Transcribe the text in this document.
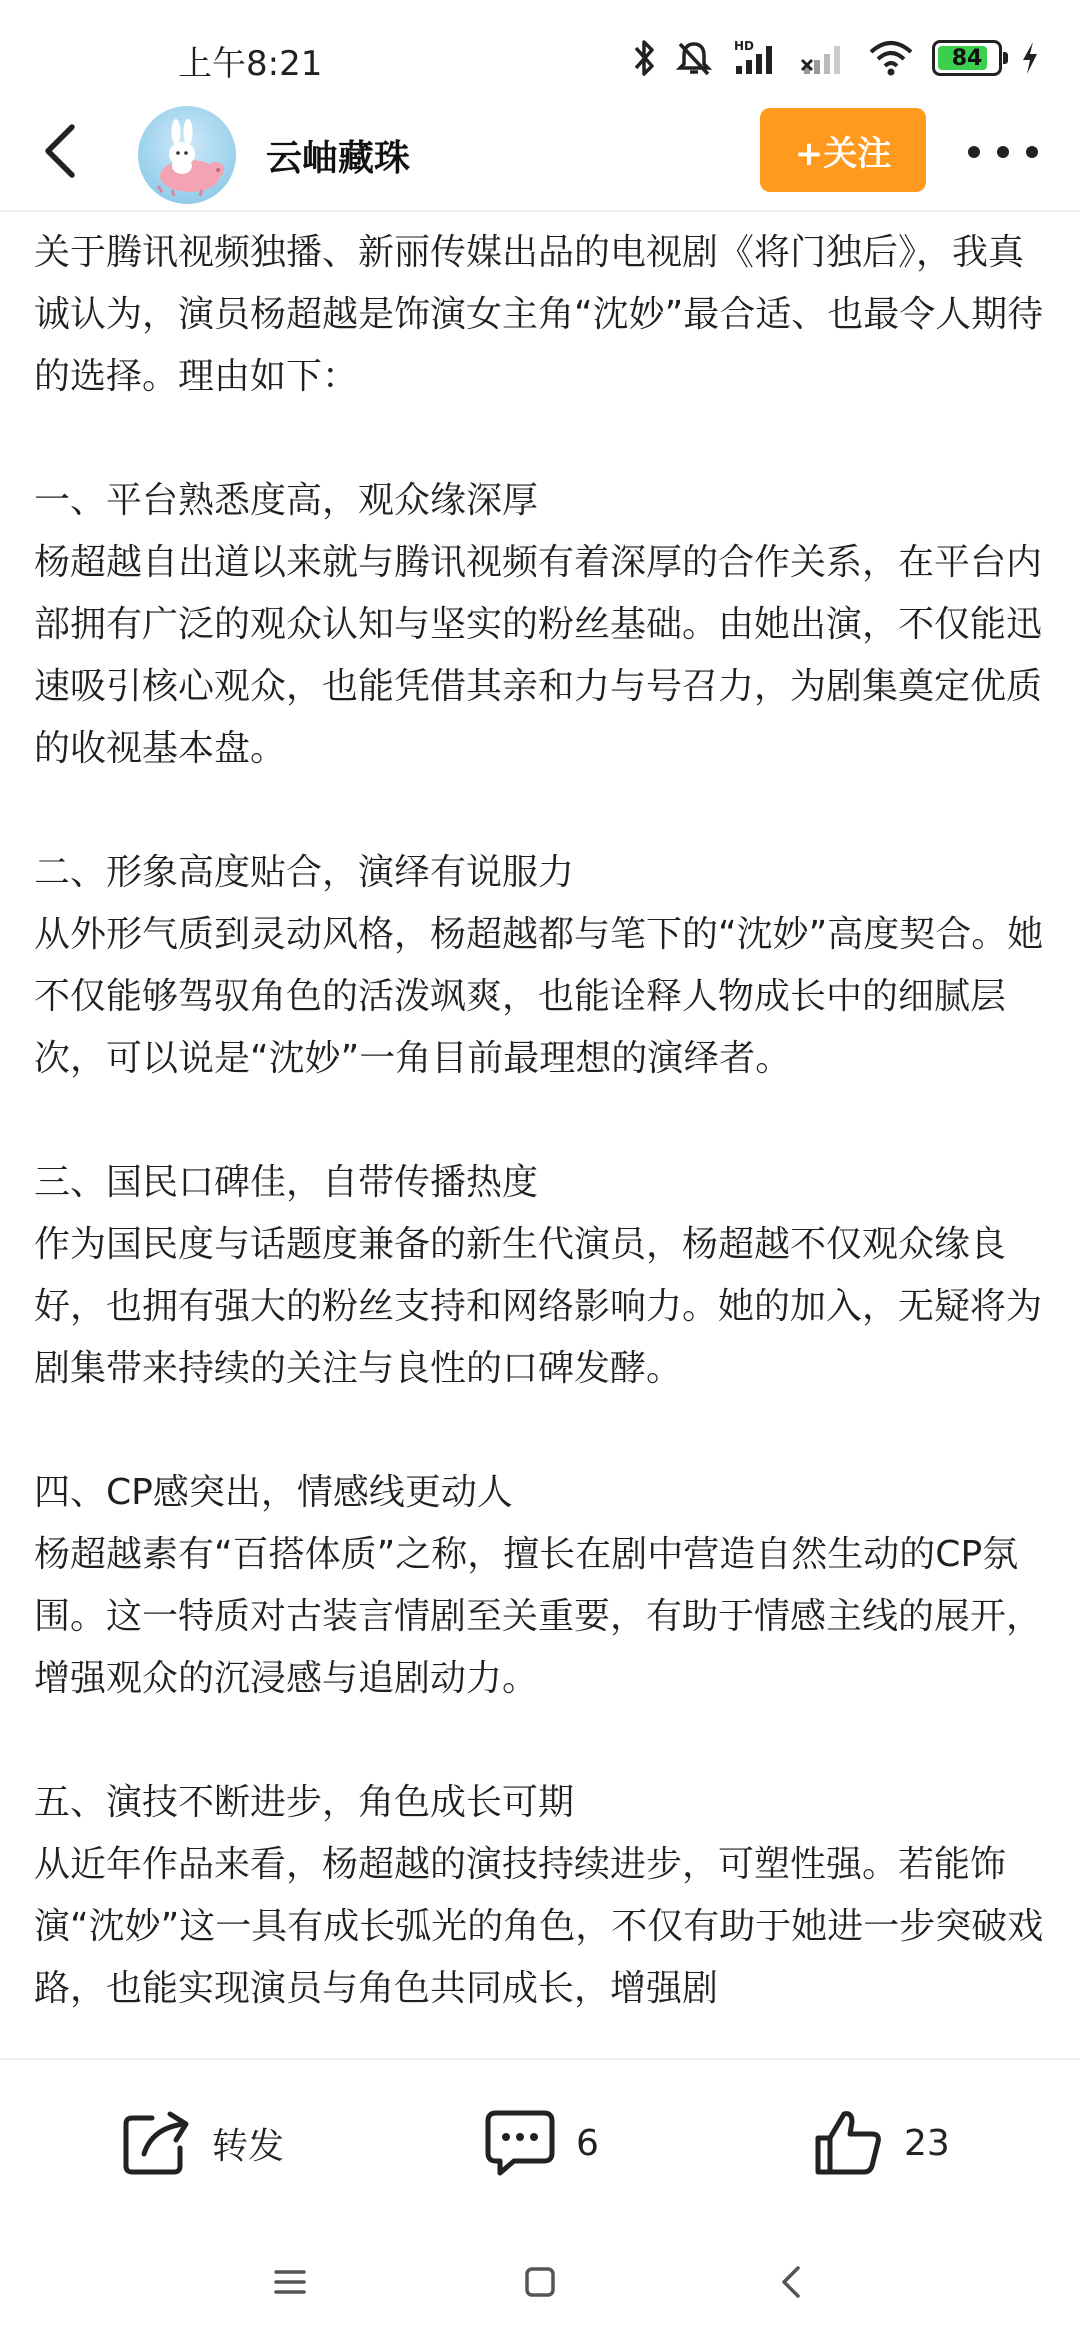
上午8:21	HD	84
云岫藏珠	+关注

关于腾讯视频独播、新丽传媒出品的电视剧《将门独后》，我真诚认为，演员杨超越是饰演女主角“沈妙”最合适、也最令人期待的选择。理由如下：

一、平台熟悉度高，观众缘深厚

杨超越自出道以来就与腾讯视频有着深厚的合作关系，在平台内部拥有广泛的观众认知与坚实的粉丝基础。由她出演，不仅能迅速吸引核心观众，也能凭借其亲和力与号召力，为剧集奠定优质的收视基本盘。

二、形象高度贴合，演绎有说服力

从外形气质到灵动风格，杨超越都与笔下的“沈妙”高度契合。她不仅能够驾驭角色的活泼飒爽，也能诠释人物成长中的细腻层次，可以说是“沈妙”一角目前最理想的演绎者。

三、国民口碑佳，自带传播热度

作为国民度与话题度兼备的新生代演员，杨超越不仅观众缘良好，也拥有强大的粉丝支持和网络影响力。她的加入，无疑将为剧集带来持续的关注与良性的口碑发酵。

四、CP感突出，情感线更动人

杨超越素有“百搭体质”之称，擅长在剧中营造自然生动的CP氛围。这一特质对古装言情剧至关重要，有助于情感主线的展开，增强观众的沉浸感与追剧动力。

五、演技不断进步，角色成长可期

从近年作品来看，杨超越的演技持续进步，可塑性强。若能饰演“沈妙”这一具有成长弧光的角色，不仅有助于她进一步突破戏路，也能实现演员与角色共同成长，增强剧

转发	6	23
